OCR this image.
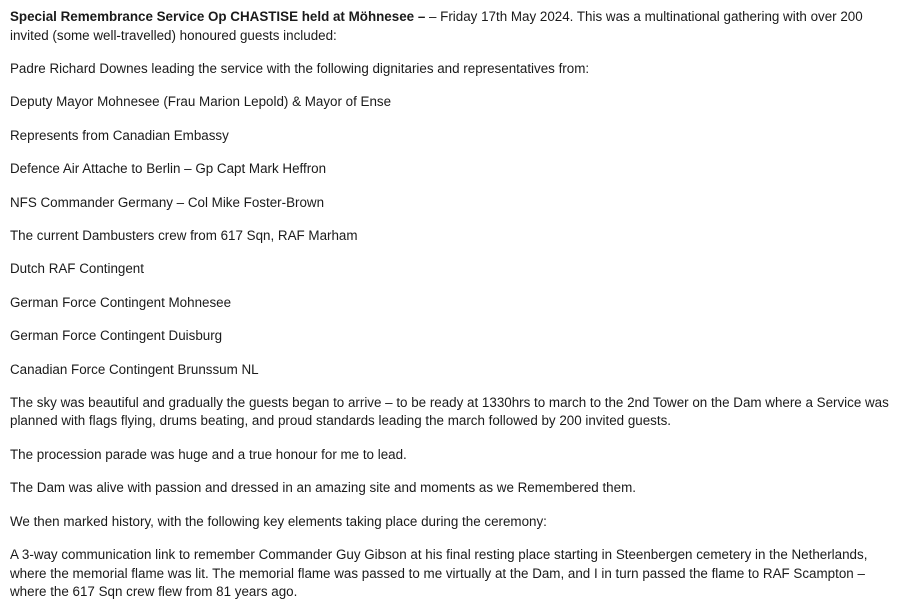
Special Remembrance Service Op CHASTISE held at Möhnesee – – Friday 17th May 2024. This was a multinational gathering with over 200 invited (some well-travelled) honoured guests included:

Padre Richard Downes leading the service with the following dignitaries and representatives from:

Deputy Mayor Mohnesee (Frau Marion Lepold) & Mayor of Ense

Represents from Canadian Embassy

Defence Air Attache to Berlin – Gp Capt Mark Heffron

NFS Commander Germany – Col Mike Foster-Brown

The current Dambusters crew from 617 Sqn, RAF Marham

Dutch RAF Contingent

German Force Contingent Mohnesee

German Force Contingent Duisburg

Canadian Force Contingent Brunssum NL

The sky was beautiful and gradually the guests began to arrive – to be ready at 1330hrs to march to the 2nd Tower on the Dam where a Service was planned with flags flying, drums beating, and proud standards leading the march followed by 200 invited guests.

The procession parade was huge and a true honour for me to lead.

The Dam was alive with passion and dressed in an amazing site and moments as we Remembered them.

We then marked history, with the following key elements taking place during the ceremony:

A 3-way communication link to remember Commander Guy Gibson at his final resting place starting in Steenbergen cemetery in the Netherlands, where the memorial flame was lit. The memorial flame was passed to me virtually at the Dam, and I in turn passed the flame to RAF Scampton – where the 617 Sqn crew flew from 81 years ago.
